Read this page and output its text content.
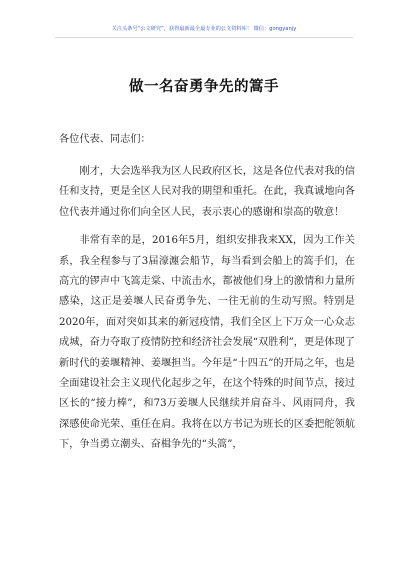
关注头条号“公文研究”，获得最新最全最专业的公文资料库！ 微信：gongyanjy
做一名奋勇争先的篙手

各位代表、同志们：

刚才，大会选举我为区人民政府区长，这是各位代表对我的信任和支持，更是全区人民对我的期望和重托。在此，我真诚地向各位代表并通过你们向全区人民，表示衷心的感谢和崇高的敬意！

非常有幸的是，2016年5月，组织安排我来XX，因为工作关系，我全程参与了3届濠瀍会船节，每当看到会船上的篙手们，在高亢的锣声中飞篙走棠、中流击水，都被他们身上的激情和力量所感染，这正是姜堰人民奋勇争先、一往无前的生动写照。特别是2020年，面对突如其来的新冠疫情，我们全区上下万众一心众志成城，奋力夺取了疫情防控和经济社会发展“双胜利”，更是体现了新时代的姜堰精神、姜堰担当。今年是“十四五”的开局之年，也是全面建设社会主义现代化起步之年，在这个特殊的时间节点，接过区长的“接力棒”，和73万姜堰人民继续并肩奋斗、风雨同舟，我深感使命光荣、重任在肩。我将在以方书记为班长的区委把舵领航下，争当勇立潮头、奋楫争先的“头篙”，
